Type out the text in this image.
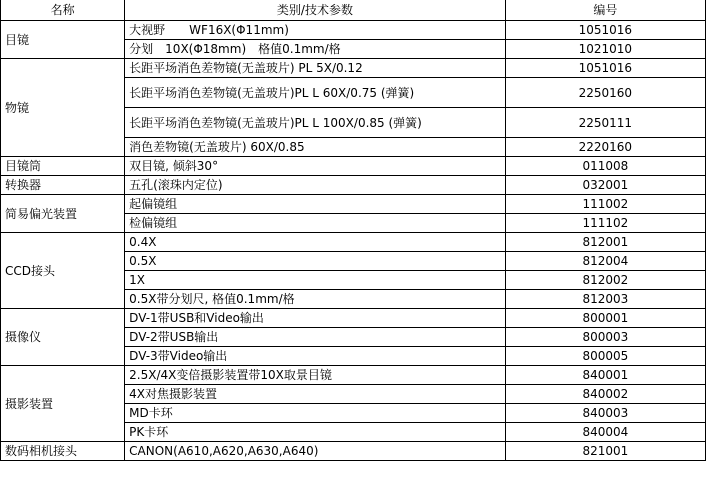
名称	类别/技术参数	编号
目镜	大视野　　WF16X(Φ11mm)	1051016
	分划　10X(Φ18mm)　格值0.1mm/格	1021010
物镜	长距平场消色差物镜(无盖玻片) PL 5X/0.12	1051016
	长距平场消色差物镜(无盖玻片)PL L 60X/0.75 (弹簧)	2250160
	长距平场消色差物镜(无盖玻片)PL L 100X/0.85 (弹簧)	2250111
	消色差物镜(无盖玻片) 60X/0.85	2220160
目镜筒	双目镜, 倾斜30°	011008
转换器	五孔(滚珠内定位)	032001
简易偏光装置	起偏镜组	111002
	检偏镜组	111102
CCD接头	0.4X	812001
	0.5X	812004
	1X	812002
	0.5X带分划尺, 格值0.1mm/格	812003
摄像仪	DV-1带USB和Video输出	800001
	DV-2带USB输出	800003
	DV-3带Video输出	800005
摄影装置	2.5X/4X变倍摄影装置带10X取景目镜	840001
	4X对焦摄影装置	840002
	MD卡环	840003
	PK卡环	840004
数码相机接头	CANON(A610,A620,A630,A640)	821001
